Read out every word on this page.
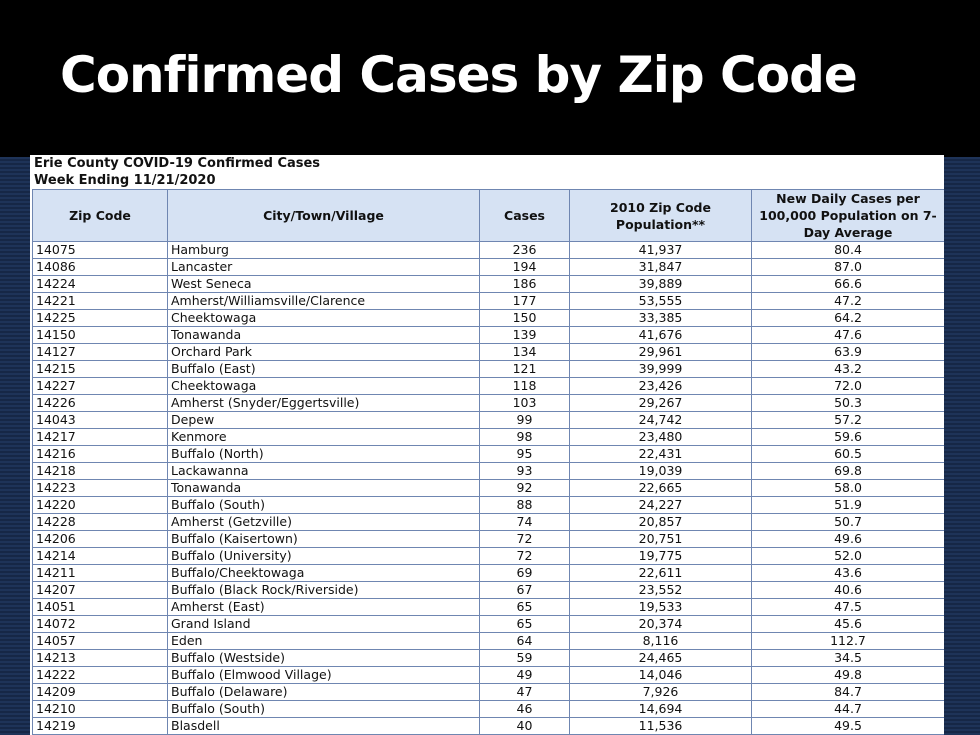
Confirmed Cases by Zip Code
Erie County COVID-19 Confirmed Cases
Week Ending 11/21/2020
Zip Code	City/Town/Village	Cases	2010 Zip Code Population**	New Daily Cases per 100,000 Population on 7-Day Average
14075	Hamburg	236	41,937	80.4
14086	Lancaster	194	31,847	87.0
14224	West Seneca	186	39,889	66.6
14221	Amherst/Williamsville/Clarence	177	53,555	47.2
14225	Cheektowaga	150	33,385	64.2
14150	Tonawanda	139	41,676	47.6
14127	Orchard Park	134	29,961	63.9
14215	Buffalo (East)	121	39,999	43.2
14227	Cheektowaga	118	23,426	72.0
14226	Amherst (Snyder/Eggertsville)	103	29,267	50.3
14043	Depew	99	24,742	57.2
14217	Kenmore	98	23,480	59.6
14216	Buffalo (North)	95	22,431	60.5
14218	Lackawanna	93	19,039	69.8
14223	Tonawanda	92	22,665	58.0
14220	Buffalo (South)	88	24,227	51.9
14228	Amherst (Getzville)	74	20,857	50.7
14206	Buffalo (Kaisertown)	72	20,751	49.6
14214	Buffalo (University)	72	19,775	52.0
14211	Buffalo/Cheektowaga	69	22,611	43.6
14207	Buffalo (Black Rock/Riverside)	67	23,552	40.6
14051	Amherst (East)	65	19,533	47.5
14072	Grand Island	65	20,374	45.6
14057	Eden	64	8,116	112.7
14213	Buffalo (Westside)	59	24,465	34.5
14222	Buffalo (Elmwood Village)	49	14,046	49.8
14209	Buffalo (Delaware)	47	7,926	84.7
14210	Buffalo (South)	46	14,694	44.7
14219	Blasdell	40	11,536	49.5
